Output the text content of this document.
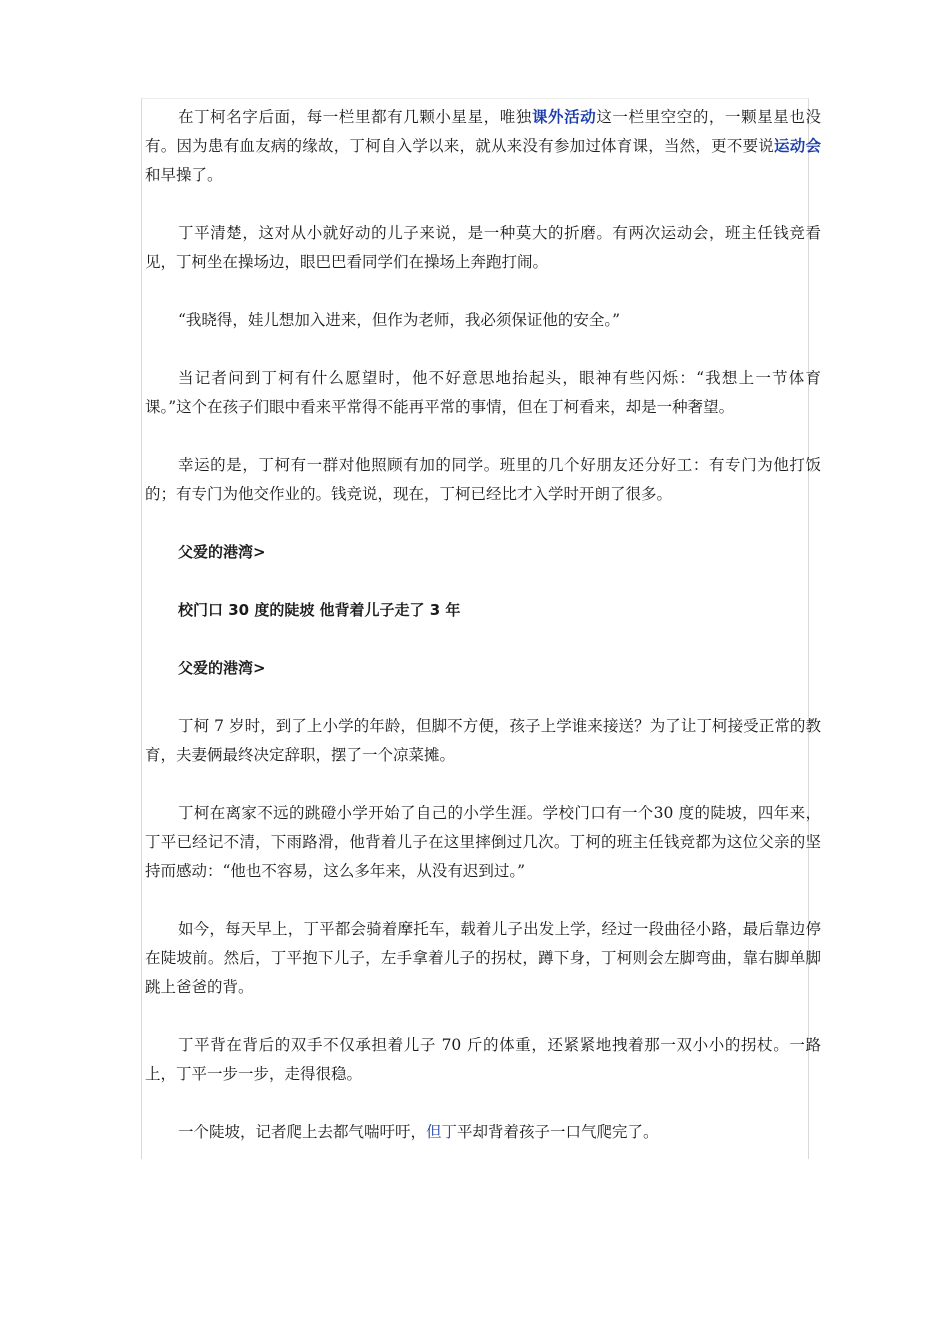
在丁柯名字后面，每一栏里都有几颗小星星，唯独课外活动这一栏里空空的，一颗星星也没有。因为患有血友病的缘故，丁柯自入学以来，就从来没有参加过体育课，当然，更不要说运动会和早操了。

丁平清楚，这对从小就好动的儿子来说，是一种莫大的折磨。有两次运动会，班主任钱竞看见，丁柯坐在操场边，眼巴巴看同学们在操场上奔跑打闹。

“我晓得，娃儿想加入进来，但作为老师，我必须保证他的安全。”

当记者问到丁柯有什么愿望时，他不好意思地抬起头，眼神有些闪烁：“我想上一节体育课。”这个在孩子们眼中看来平常得不能再平常的事情，但在丁柯看来，却是一种奢望。

幸运的是，丁柯有一群对他照顾有加的同学。班里的几个好朋友还分好工：有专门为他打饭的；有专门为他交作业的。钱竞说，现在，丁柯已经比才入学时开朗了很多。

父爱的港湾>

校门口 30 度的陡坡 他背着儿子走了 3 年

父爱的港湾>

丁柯 7 岁时，到了上小学的年龄，但脚不方便，孩子上学谁来接送？为了让丁柯接受正常的教育，夫妻俩最终决定辞职，摆了一个凉菜摊。

丁柯在离家不远的跳磴小学开始了自己的小学生涯。学校门口有一个30 度的陡坡，四年来，丁平已经记不清，下雨路滑，他背着儿子在这里摔倒过几次。丁柯的班主任钱竞都为这位父亲的坚持而感动：“他也不容易，这么多年来，从没有迟到过。”

如今，每天早上，丁平都会骑着摩托车，载着儿子出发上学，经过一段曲径小路，最后靠边停在陡坡前。然后，丁平抱下儿子，左手拿着儿子的拐杖，蹲下身，丁柯则会左脚弯曲，靠右脚单脚跳上爸爸的背。

丁平背在背后的双手不仅承担着儿子 70 斤的体重，还紧紧地拽着那一双小小的拐杖。一路上，丁平一步一步，走得很稳。

一个陡坡，记者爬上去都气喘吁吁，但丁平却背着孩子一口气爬完了。
